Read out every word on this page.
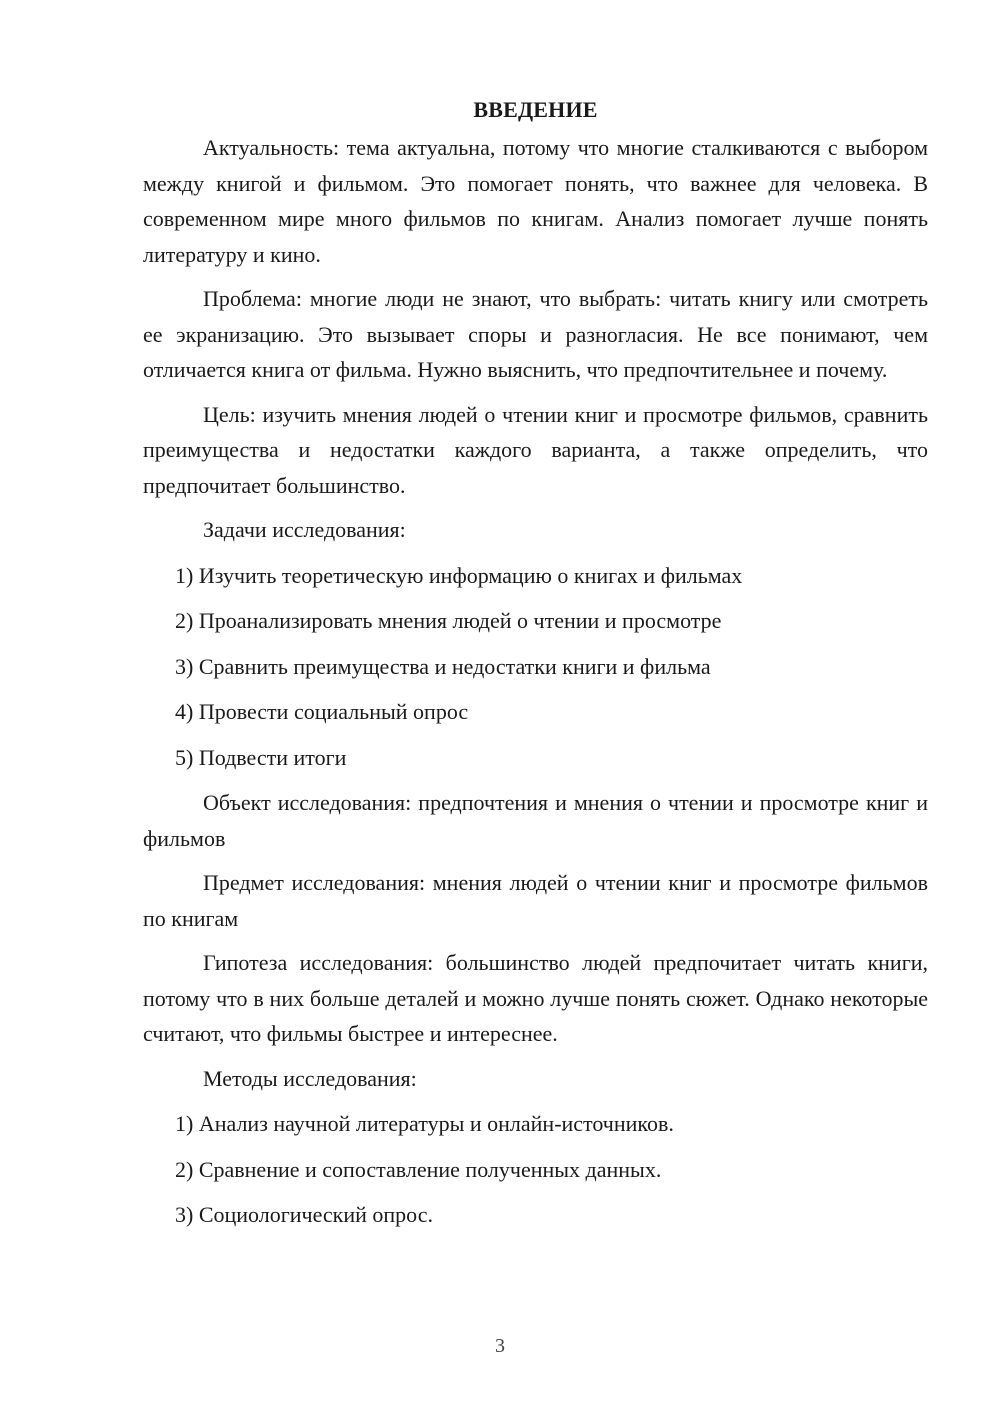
ВВЕДЕНИЕ

Актуальность: тема актуальна, потому что многие сталкиваются с выбором между книгой и фильмом. Это помогает понять, что важнее для человека. В современном мире много фильмов по книгам. Анализ помогает лучше понять литературу и кино.

Проблема: многие люди не знают, что выбрать: читать книгу или смотреть ее экранизацию. Это вызывает споры и разногласия. Не все понимают, чем отличается книга от фильма. Нужно выяснить, что предпочтительнее и почему.

Цель: изучить мнения людей о чтении книг и просмотре фильмов, сравнить преимущества и недостатки каждого варианта, а также определить, что предпочитает большинство.

Задачи исследования:

1) Изучить теоретическую информацию о книгах и фильмах
2) Проанализировать мнения людей о чтении и просмотре
3) Сравнить преимущества и недостатки книги и фильма
4) Провести социальный опрос
5) Подвести итоги

Объект исследования: предпочтения и мнения о чтении и просмотре книг и фильмов

Предмет исследования: мнения людей о чтении книг и просмотре фильмов по книгам

Гипотеза исследования: большинство людей предпочитает читать книги, потому что в них больше деталей и можно лучше понять сюжет. Однако некоторые считают, что фильмы быстрее и интереснее.

Методы исследования:

1) Анализ научной литературы и онлайн-источников.
2) Сравнение и сопоставление полученных данных.
3) Социологический опрос.
3
